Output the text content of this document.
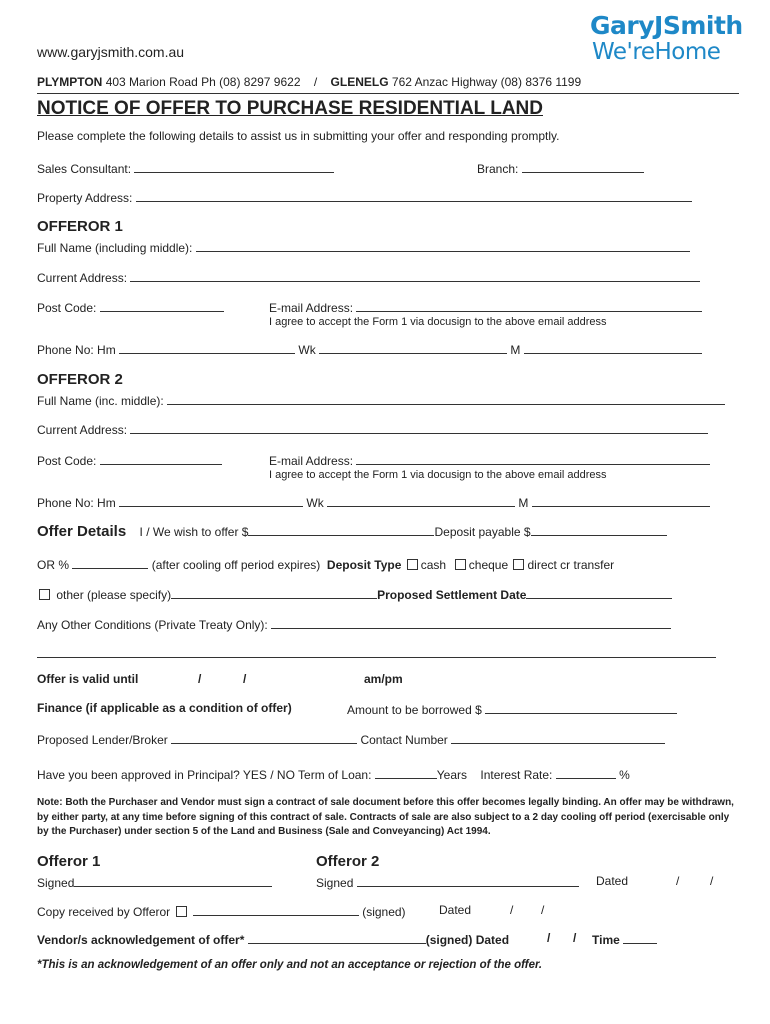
www.garyjsmith.com.au
GaryJSmith
We'reHome
PLYMPTON 403 Marion Road Ph (08) 8297 9622 / GLENELG 762 Anzac Highway (08) 8376 1199
NOTICE OF OFFER TO PURCHASE RESIDENTIAL LAND
Please complete the following details to assist us in submitting your offer and responding promptly.
Sales Consultant:	Branch:
Property Address:
OFFEROR 1
Full Name (including middle):
Current Address:
Post Code:	E-mail Address:
I agree to accept the Form 1 via docusign to the above email address
Phone No: Hm	Wk	M
OFFEROR 2
Full Name (inc. middle):
Current Address:
Post Code:	E-mail Address:
I agree to accept the Form 1 via docusign to the above email address
Phone No: Hm	Wk	M
Offer Details I / We wish to offer $	Deposit payable $
OR %	(after cooling off period expires) Deposit Type cash cheque direct cr transfer
other (please specify)	Proposed Settlement Date
Any Other Conditions (Private Treaty Only):
Offer is valid until	/	/	am/pm
Finance (if applicable as a condition of offer)	Amount to be borrowed $
Proposed Lender/Broker	Contact Number
Have you been approved in Principal? YES / NO Term of Loan:	Years Interest Rate:	%
Note: Both the Purchaser and Vendor must sign a contract of sale document before this offer becomes legally binding. An offer may be withdrawn, by either party, at any time before signing of this contract of sale. Contracts of sale are also subject to a 2 day cooling off period (exercisable only by the Purchaser) under section 5 of the Land and Business (Sale and Conveyancing) Act 1994.
Offeror 1	Offeror 2
Signed	Signed	Dated	/	/
Copy received by Offeror	(signed)	Dated	/ /
Vendor/s acknowledgement of offer*	(signed) Dated	/ / Time
*This is an acknowledgement of an offer only and not an acceptance or rejection of the offer.
